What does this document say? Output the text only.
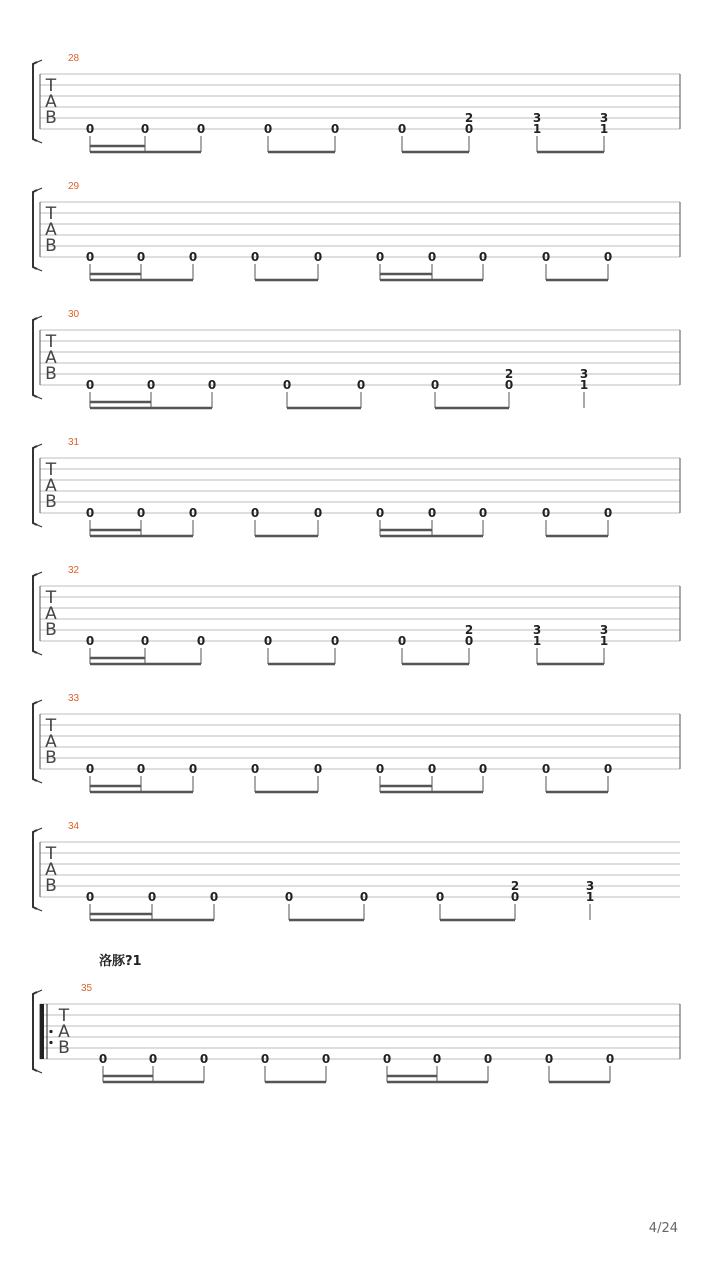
T
A
B
28
0	0	0	0	0	0
2
0
3
1
3
1
T
A
B
29
0	0	0	0	0	0	0	0	0	0
T
A
B
30
0	0	0	0	0	0
2
0
3
1
T
A
B
31
0	0	0	0	0	0	0	0	0	0
T
A
B
32
0	0	0	0	0	0
2
0
3
1
3
1
T
A
B
33
0	0	0	0	0	0	0	0	0	0
T
A
B
34
0	0	0	0	0	0
2
0
3
1
T
A
B
35
0	0	0	0	0	0	0	0	0	0
洛豚?1
4/24
